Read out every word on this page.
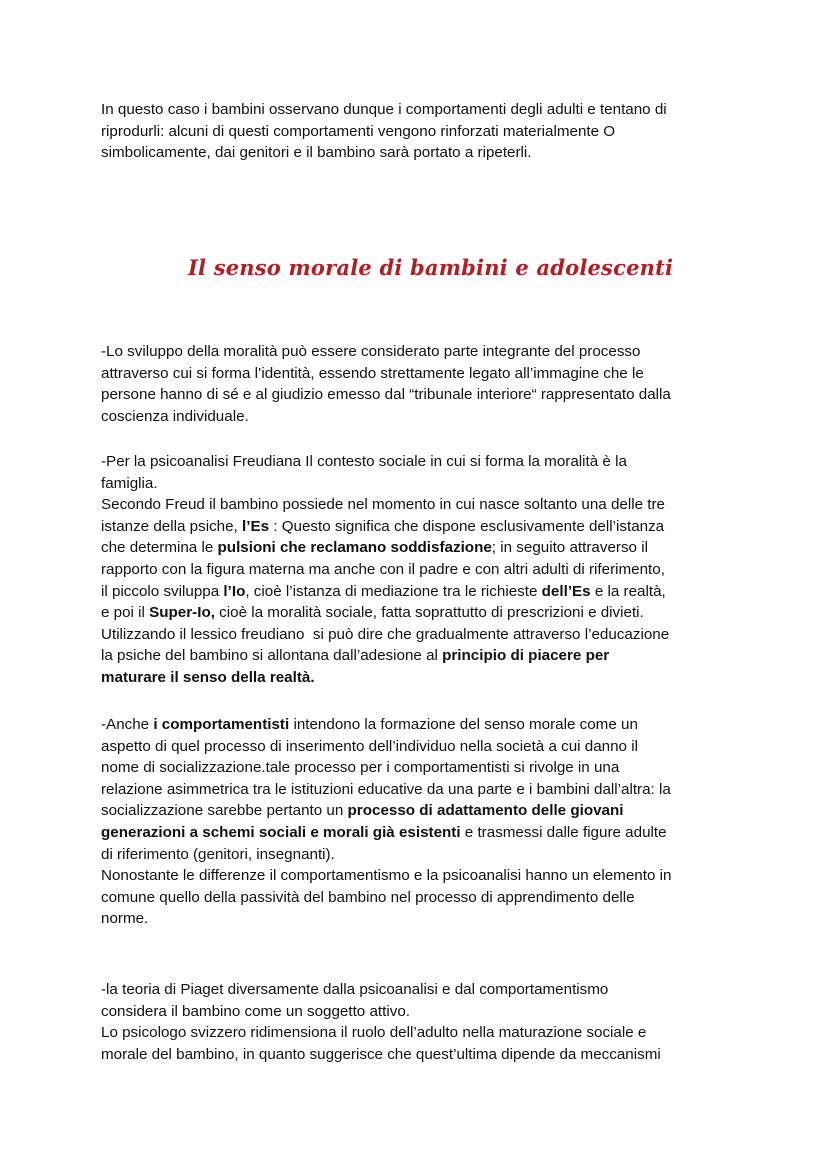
In questo caso i bambini osservano dunque i comportamenti degli adulti e tentano di
riprodurli: alcuni di questi comportamenti vengono rinforzati materialmente O
simbolicamente, dai genitori e il bambino sarà portato a ripeterli.

Il senso morale di bambini e adolescenti

-Lo sviluppo della moralità può essere considerato parte integrante del processo
attraverso cui si forma l’identità, essendo strettamente legato all’immagine che le
persone hanno di sé e al giudizio emesso dal “tribunale interiore“ rappresentato dalla
coscienza individuale.

-Per la psicoanalisi Freudiana Il contesto sociale in cui si forma la moralità è la
famiglia.
Secondo Freud il bambino possiede nel momento in cui nasce soltanto una delle tre
istanze della psiche, l’Es : Questo significa che dispone esclusivamente dell’istanza
che determina le pulsioni che reclamano soddisfazione; in seguito attraverso il
rapporto con la figura materna ma anche con il padre e con altri adulti di riferimento,
il piccolo sviluppa l’Io, cioè l’istanza di mediazione tra le richieste dell’Es e la realtà,
e poi il Super-Io, cioè la moralità sociale, fatta soprattutto di prescrizioni e divieti.
Utilizzando il lessico freudiano  si può dire che gradualmente attraverso l’educazione
la psiche del bambino si allontana dall’adesione al principio di piacere per
maturare il senso della realtà.

-Anche i comportamentisti intendono la formazione del senso morale come un
aspetto di quel processo di inserimento dell’individuo nella società a cui danno il
nome di socializzazione.tale processo per i comportamentisti si rivolge in una
relazione asimmetrica tra le istituzioni educative da una parte e i bambini dall’altra: la
socializzazione sarebbe pertanto un processo di adattamento delle giovani
generazioni a schemi sociali e morali già esistenti e trasmessi dalle figure adulte
di riferimento (genitori, insegnanti).
Nonostante le differenze il comportamentismo e la psicoanalisi hanno un elemento in
comune quello della passività del bambino nel processo di apprendimento delle
norme.

-la teoria di Piaget diversamente dalla psicoanalisi e dal comportamentismo
considera il bambino come un soggetto attivo.
Lo psicologo svizzero ridimensiona il ruolo dell’adulto nella maturazione sociale e
morale del bambino, in quanto suggerisce che quest’ultima dipende da meccanismi
